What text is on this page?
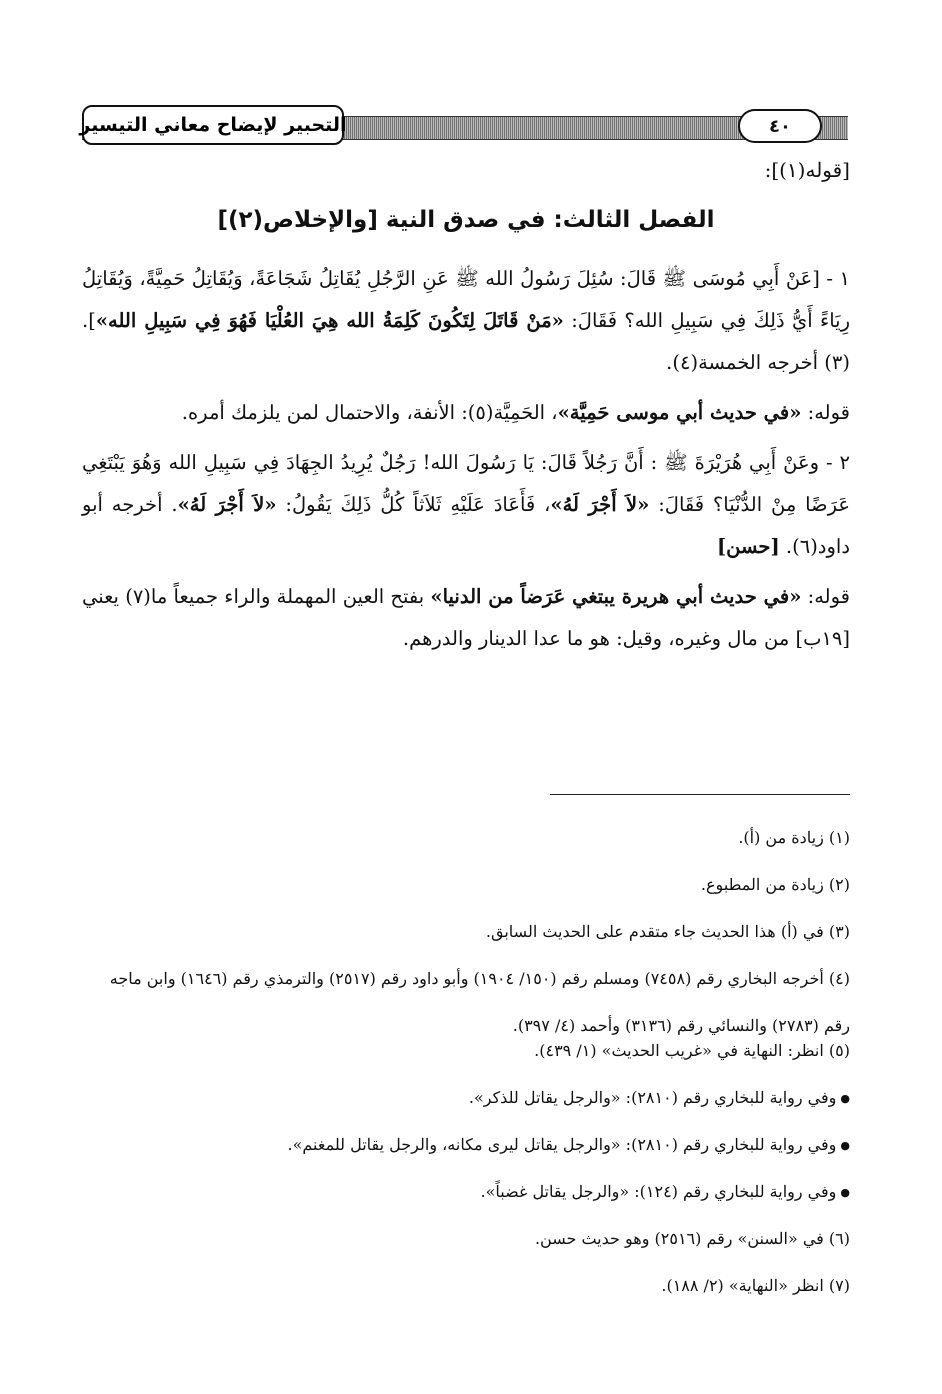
التحبير لإيضاح معاني التيسير	٤٠
[قوله(١)]:
الفصل الثالث: في صدق النية [والإخلاص(٢)]

١ - [عَنْ أَبِي مُوسَى ﷺ قَالَ: سُئِلَ رَسُولُ الله ﷺ عَنِ الرَّجُلِ يُقَاتِلُ شَجَاعَةً، وَيُقَاتِلُ حَمِيَّةً، وَيُقَاتِلُ رِيَاءً أَيُّ ذَلِكَ فِي سَبِيلِ الله؟ فَقَالَ: «مَنْ قَاتَلَ لِتَكُونَ كَلِمَةُ الله هِيَ العُلْيَا فَهُوَ فِي سَبِيلِ الله»]. (٣) أخرجه الخمسة(٤).

قوله: «في حديث أبي موسى حَمِيَّة»، الحَمِيَّة(٥): الأنفة، والاحتمال لمن يلزمك أمره.

٢ - وعَنْ أَبِي هُرَيْرَةَ ﷺ : أَنَّ رَجُلاً قَالَ: يَا رَسُولَ الله! رَجُلٌ يُرِيدُ الجِهَادَ فِي سَبِيلِ الله وَهُوَ يَبْتَغِي عَرَضًا مِنْ الدُّنْيَا؟ فَقَالَ: «لاَ أَجْرَ لَهُ»، فَأَعَادَ عَلَيْهِ ثَلاَثاً كُلُّ ذَلِكَ يَقُولُ: «لاَ أَجْرَ لَهُ». أخرجه أبو داود(٦). [حسن]

قوله: «في حديث أبي هريرة يبتغي عَرَضاً من الدنيا» بفتح العين المهملة والراء جميعاً ما(٧) يعني [١٩ب] من مال وغيره، وقيل: هو ما عدا الدينار والدرهم.

(١) زيادة من (أ).

(٢) زيادة من المطبوع.

(٣) في (أ) هذا الحديث جاء متقدم على الحديث السابق.

(٤) أخرجه البخاري رقم (٧٤٥٨) ومسلم رقم (١٥٠/ ١٩٠٤) وأبو داود رقم (٢٥١٧) والترمذي رقم (١٦٤٦) وابن ماجه رقم (٢٧٨٣) والنسائي رقم (٣١٣٦) وأحمد (٤/ ٣٩٧).

(٥) انظر: النهاية في «غريب الحديث» (١/ ٤٣٩).

● وفي رواية للبخاري رقم (٢٨١٠): «والرجل يقاتل للذكر».

● وفي رواية للبخاري رقم (٢٨١٠): «والرجل يقاتل ليرى مكانه، والرجل يقاتل للمغنم».

● وفي رواية للبخاري رقم (١٢٤): «والرجل يقاتل غضباً».

(٦) في «السنن» رقم (٢٥١٦) وهو حديث حسن.

(٧) انظر «النهاية» (٢/ ١٨٨).
